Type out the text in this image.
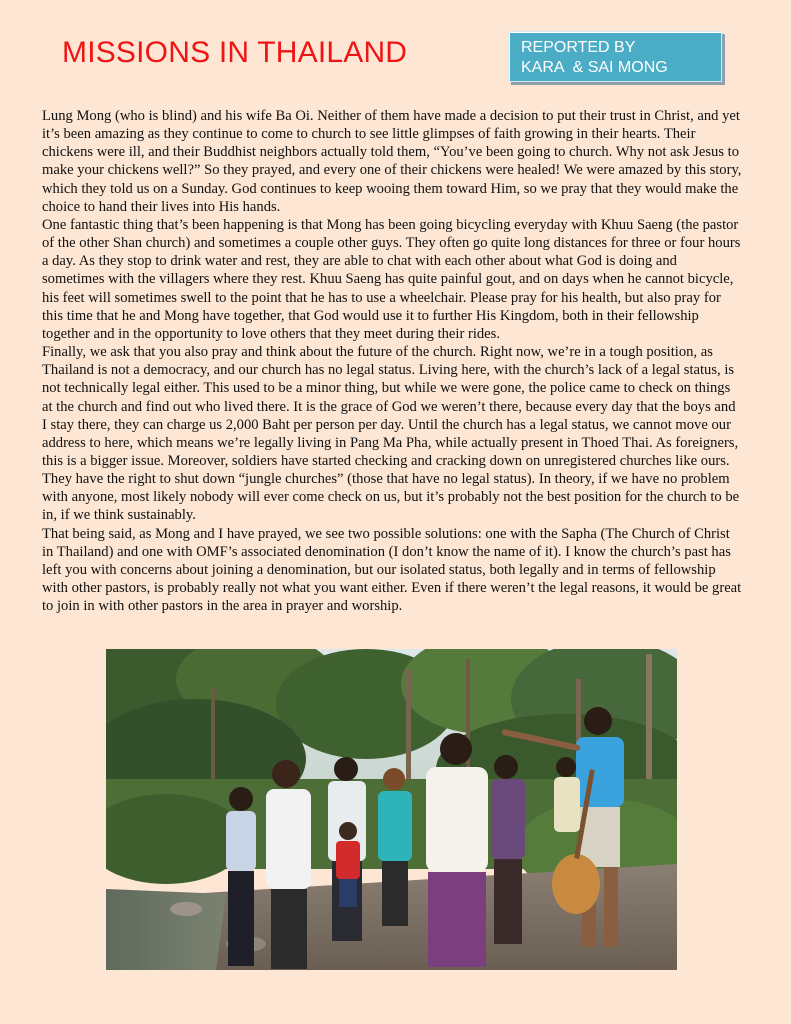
MISSIONS IN THAILAND	REPORTED BY
KARA  & SAI MONG

Lung Mong (who is blind) and his wife Ba Oi. Neither of them have made a decision to put their trust in Christ, and yet it’s been amazing as they continue to come to church to see little glimpses of faith growing in their hearts. Their chickens were ill, and their Buddhist neighbors actually told them, “You’ve been going to church. Why not ask Jesus to make your chickens well?” So they prayed, and every one of their chickens were healed! We were amazed by this story, which they told us on a Sunday. God continues to keep wooing them toward Him, so we pray that they would make the choice to hand their lives into His hands.

One fantastic thing that’s been happening is that Mong has been going bicycling everyday with Khuu Saeng (the pastor of the other Shan church) and sometimes a couple other guys. They often go quite long distances for three or four hours a day. As they stop to drink water and rest, they are able to chat with each other about what God is doing and sometimes with the villagers where they rest. Khuu Saeng has quite painful gout, and on days when he cannot bicycle, his feet will sometimes swell to the point that he has to use a wheelchair. Please pray for his health, but also pray for this time that he and Mong have together, that God would use it to further His Kingdom, both in their fellowship together and in the opportunity to love others that they meet during their rides.

Finally, we ask that you also pray and think about the future of the church. Right now, we’re in a tough position, as Thailand is not a democracy, and our church has no legal status. Living here, with the church’s lack of a legal status, is not technically legal either. This used to be a minor thing, but while we were gone, the police came to check on things at the church and find out who lived there. It is the grace of God we weren’t there, because every day that the boys and I stay there, they can charge us 2,000 Baht per person per day. Until the church has a legal status, we cannot move our address to here, which means we’re legally living in Pang Ma Pha, while actually present in Thoed Thai. As foreigners, this is a bigger issue. Moreover, soldiers have started checking and cracking down on unregistered churches like ours. They have the right to shut down “jungle churches” (those that have no legal status). In theory, if we have no problem with anyone, most likely nobody will ever come check on us, but it’s probably not the best position for the church to be in, if we think sustainably.

That being said, as Mong and I have prayed, we see two possible solutions: one with the Sapha (The Church of Christ in Thailand) and one with OMF’s associated denomination (I don’t know the name of it). I know the church’s past has left you with concerns about joining a denomination, but our isolated status, both legally and in terms of fellowship with other pastors, is probably really not what you want either. Even if there weren’t the legal reasons, it would be great to join in with other pastors in the area in prayer and worship.
